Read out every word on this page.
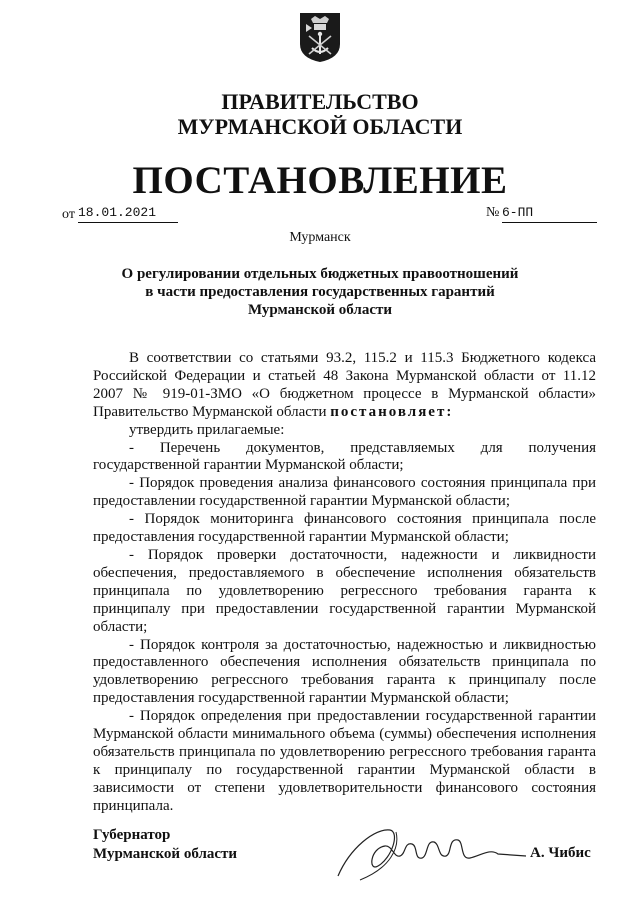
ПРАВИТЕЛЬСТВО
МУРМАНСКОЙ ОБЛАСТИ
ПОСТАНОВЛЕНИЕ
от 18.01.2021	№ 6-ПП
Мурманск
О регулировании отдельных бюджетных правоотношений
в части предоставления государственных гарантий
Мурманской области

В соответствии со статьями 93.2, 115.2 и 115.3 Бюджетного кодекса Российской Федерации и статьей 48 Закона Мурманской области от 11.12 2007 № 919-01-ЗМО «О бюджетном процессе в Мурманской области» Правительство Мурманской области постановляет:

утвердить прилагаемые:

- Перечень документов, представляемых для получения государственной гарантии Мурманской области;

- Порядок проведения анализа финансового состояния принципала при предоставлении государственной гарантии Мурманской области;

- Порядок мониторинга финансового состояния принципала после предоставления государственной гарантии Мурманской области;

- Порядок проверки достаточности, надежности и ликвидности обеспечения, предоставляемого в обеспечение исполнения обязательств принципала по удовлетворению регрессного требования гаранта к принципалу при предоставлении государственной гарантии Мурманской области;

- Порядок контроля за достаточностью, надежностью и ликвидностью предоставленного обеспечения исполнения обязательств принципала по удовлетворению регрессного требования гаранта к принципалу после предоставления государственной гарантии Мурманской области;

- Порядок определения при предоставлении государственной гарантии Мурманской области минимального объема (суммы) обеспечения исполнения обязательств принципала по удовлетворению регрессного требования гаранта к принципалу по государственной гарантии Мурманской области в зависимости от степени удовлетворительности финансового состояния принципала.

Губернатор
Мурманской области	А. Чибис
